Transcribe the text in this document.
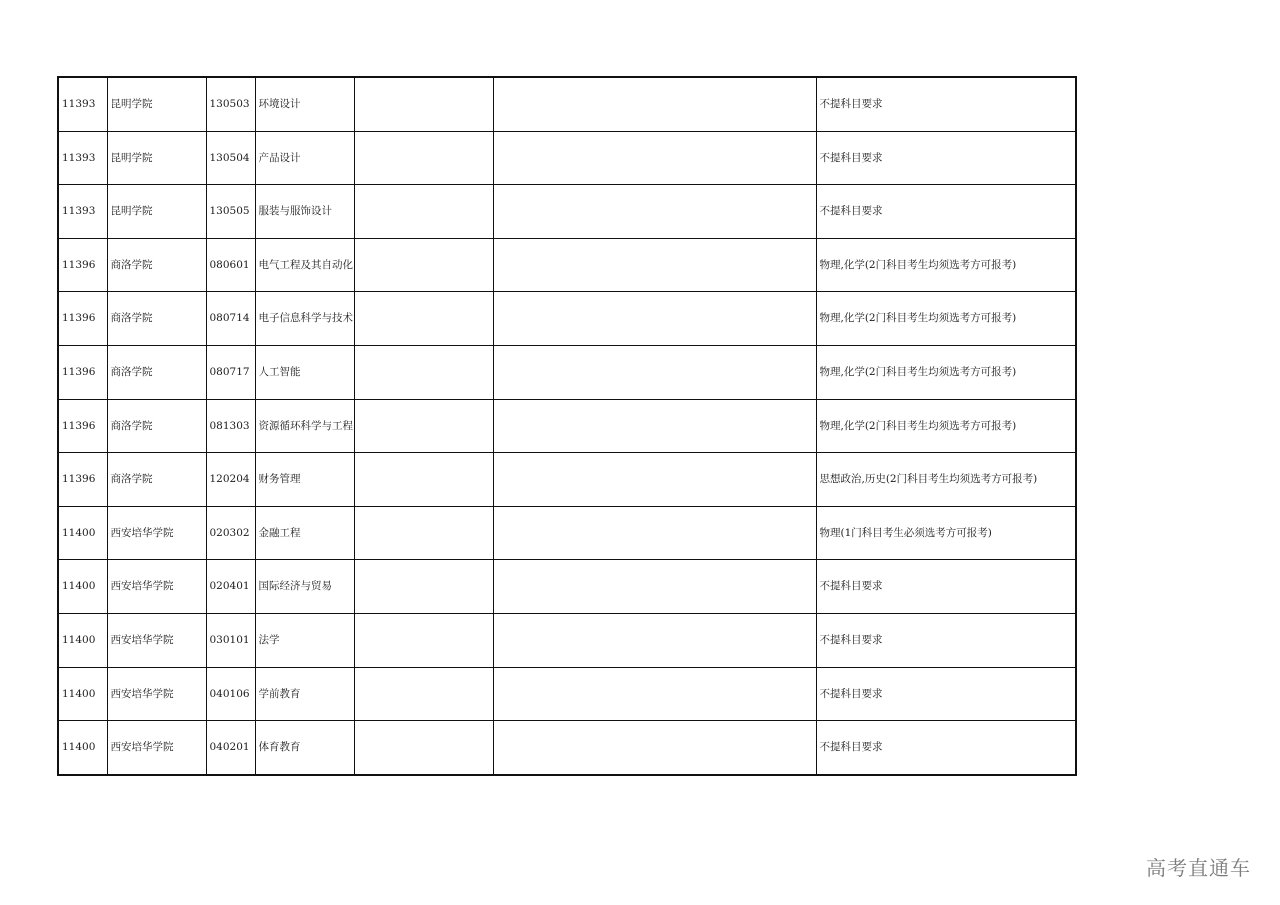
11393	昆明学院	130503	环境设计			不提科目要求
11393	昆明学院	130504	产品设计			不提科目要求
11393	昆明学院	130505	服装与服饰设计			不提科目要求
11396	商洛学院	080601	电气工程及其自动化			物理,化学(2门科目考生均须选考方可报考)
11396	商洛学院	080714	电子信息科学与技术			物理,化学(2门科目考生均须选考方可报考)
11396	商洛学院	080717	人工智能			物理,化学(2门科目考生均须选考方可报考)
11396	商洛学院	081303	资源循环科学与工程			物理,化学(2门科目考生均须选考方可报考)
11396	商洛学院	120204	财务管理			思想政治,历史(2门科目考生均须选考方可报考)
11400	西安培华学院	020302	金融工程			物理(1门科目考生必须选考方可报考)
11400	西安培华学院	020401	国际经济与贸易			不提科目要求
11400	西安培华学院	030101	法学			不提科目要求
11400	西安培华学院	040106	学前教育			不提科目要求
11400	西安培华学院	040201	体育教育			不提科目要求
高考直通车
